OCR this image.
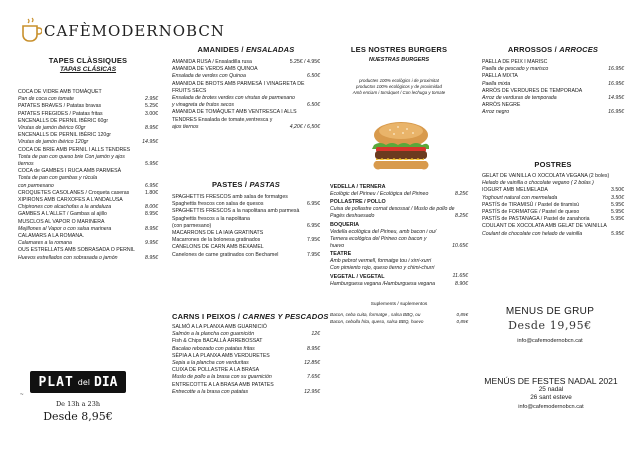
CAFÈMODERNOBCN
TAPES CLÀSSIQUES
TAPAS CLÁSICAS
COCA DE VIDRE AMB TOMÀQUET
2.95€
Pan de coca con tomate
5.25€
PATATES BRAVES / Patatas bravas
3.00€
PATATES FREGIDES / Patatas fritas
ENCENALLS DE PERNIL IBÈRIC 60gr
8.95€
Virutas de jamón ibérico 60gr
ENCENALLS DE PERNIL IBÈRIC 120gr
14.95€
Virutas de jamón ibérico 120gr
COCA DE BRIE AMB PERNIL I ALLS TENDRES
Tosta de pan con queso brie Con jamón y ajos
5.95€
tiernos
COCA de GAMBES I RUCA AMB PARMESÀ
Tosta de pan con gambas y rúcula
6.95€
con parmesano
1.80€
CROQUETES CASOLANES / Croqueta caseras
XIPIRONS AMB CARXOFES A L'ANDALUSA
8.00€
Chipirones con alcachofas a la andaluza
8.95€
GAMBES A L'ALLET / Gambas al ajillo
MUSCLOS AL VAPOR O MARINERA
8.95€
Mejillones al Vapor o con salsa marinera
CALAMARS A LA ROMANA.
9.95€
Calamares a la romana
OUS ESTRELLATS AMB SOBRASADA O PERNIL
8.95€
Huevos estrellados con sobrasada o jamón
PLAT del DIA
~
De 13h a 23h
Desde 8,95€
AMANIDES / ENSALADAS
5.25€ / 4.95€
AMANIDA RUSA / Ensaladilla rusa
AMANIDA DE VERDS AMB QUINOA
6.50€
Ensalada de verdes con Quinoa
AMANIDA DE BROTS AMB PARMESÀ I VINAGRETA DE
FRUITS SECS
Ensalada de brotes verdes con virutas de parmesano
6.50€
y vinagreta de frutos secos
AMANIDA DE TOMÀQUET AMB VENTRESCA I ALLS
TENDRES Ensalada de tomate,ventresca y
4,20€ / 6,50€
ajos tiernos
PASTES / PASTAS
SPAGHETTIS FRESCOS amb salsa de formatges
6.95€
Spaghettis frescos con salsa de quesos
SPAGHETTIS FRESCOS a la napolitana amb parmesà
Spaghettis frescos a la napolitana
6.95€
(con parmesano)
MACARRONS DE LA IAIA GRATINATS
7.95€
Macarrones de la bolonesa gratinados
CANELONS DE CARN AMB BEXAMEL
7.95€
Canelones de carne gratinados con Bechamel
CARNS I PEIXOS / CARNES Y PESCADOS
SALMÓ A LA PLANXA AMB GUARNICIÓ
12€
Salmón a la plancha con guarnición
Fish & Chips BACALLÀ ARREBOSSAT
8.95€
Bacalao rebozado con patatas fritas
SÈPIA A LA PLANXA AMB VERDURETES
12.85€
Sepia a la plancha con verduritas
CUIXA DE POLLASTRE A LA BRASA
7.65€
Muslo de pollo a la brasa con su guarnición
ENTRECOTTE A LA BRASA AMB PATATES
12.95€
Entrecotte a la brasa con patatas
LES NOSTRES BURGERS
NUESTRAS BURGERS
productes 100% ecològics i de proximitat
productos 100% ecológicos y de proximidad
Amb enciam i tomàquet / Con lechuga y tomate
VEDELLA / TERNERA
8.25€
Ecològic del Pirineu / Ecológica del Pirineo
POLLASTRE / POLLO
Cuixa de pollastre cornat desossat / Muslo de pollo de
8.25€
Pagès deshuesado
BOQUERIA
Vedella ecològica del Pirineu, amb bacon i ou/
Ternera ecológica del Pirineo con bacon y
10.65€
huevo
TEATRE
Amb pebrot vermell, formatge tou i xirri-xurri
Con pimiento rojo, queso tierno y chimi-churri
11.65€
VEGETAL / VEGETAL
8.90€
Hamburguesa vegana /Hamburguesa vegana
Suplements / suplementos
0,85€
Bacon, ceba cuita, formatge , salsa BBQ, ou
0,85€
Bacon, cebolla frita, queso, salsa BBQ, huevo
ARROSSOS / ARROCES
PAELLA DE PEIX I MARISC
16.95€
Paella de pescado y marisco
PAELLA MIXTA
16.95€
Paella mixta
ARRÒS DE VERDURES DE TEMPORADA
14.95€
Arroz de verduras de temporada
ARRÒS NEGRE
16.95€
Arroz negro
POSTRES
GELAT DE VAINILLA O XOCOLATA VEGANA (2 boles)
Helado de vainilla o chocolate vegano ( 2 bolas )
3.50€
IOGURT AMB MELMELADA
3.50€
Yoghourt natural con mermelada
5.95€
PASTÍS de TIRAMISÚ / Pastel de tiramisú
5.95€
PASTÍS de FORMATGE / Pastel de queso
5.95€
PASTÍS de PASTANAGA / Pastel de zanahoria
COULANT DE XOCOLATA AMB GELAT DE VAINILLA
5.95€
Coulant de chocolate con helado de vainilla
MENUS DE GRUP
Desde 19,95€
info@cafemodernobcn.cat
MENÚS DE FESTES NADAL 2021
25 nadal
26 sant esteve
info@cafemodernobcn.cat
